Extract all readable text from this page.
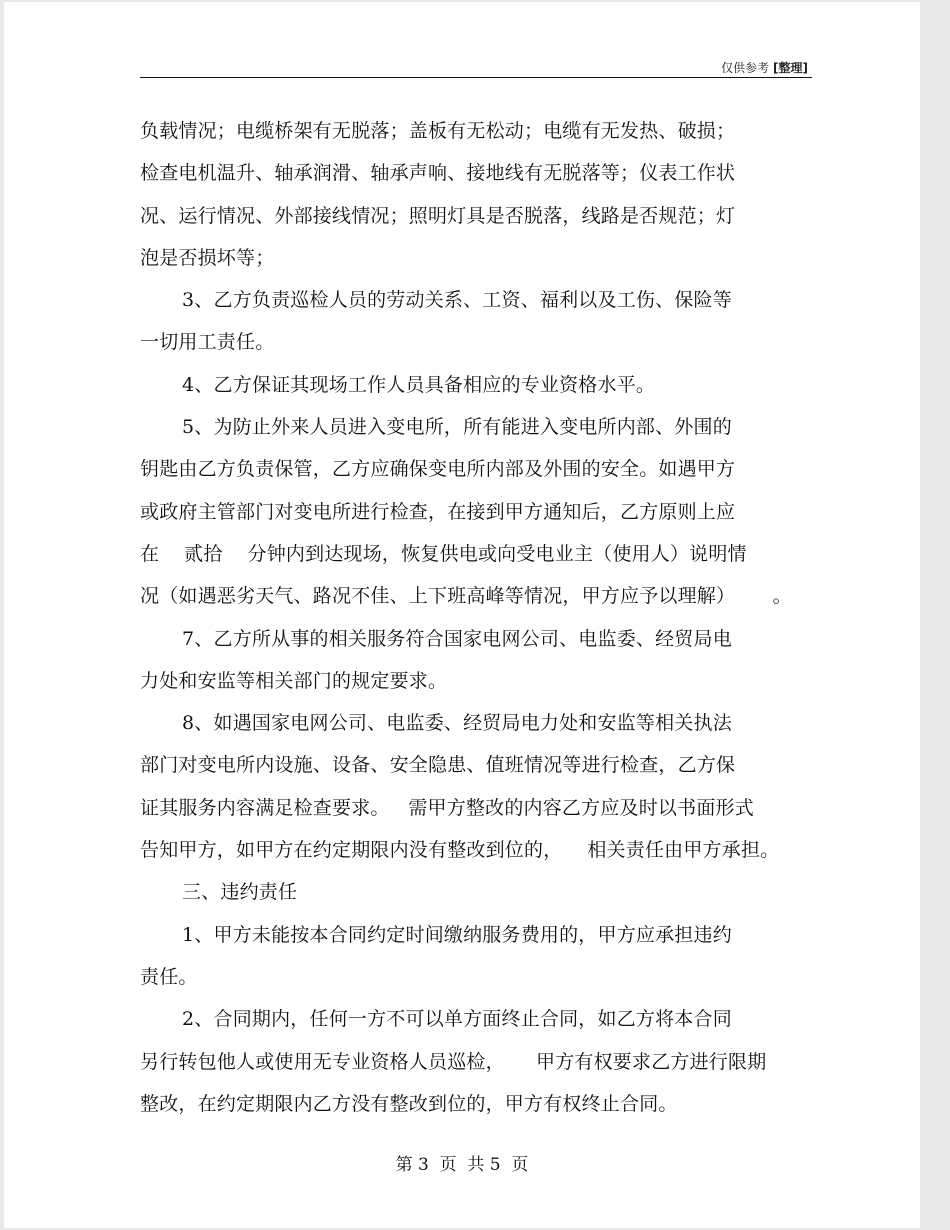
仅供参考 [整理]
负载情况；电缆桥架有无脱落；盖板有无松动；电缆有无发热、破损；
检查电机温升、轴承润滑、轴承声响、接地线有无脱落等；仪表工作状
况、运行情况、外部接线情况；照明灯具是否脱落，线路是否规范；灯
泡是否损坏等；
3、乙方负责巡检人员的劳动关系、工资、福利以及工伤、保险等
一切用工责任。
4、乙方保证其现场工作人员具备相应的专业资格水平。
5、为防止外来人员进入变电所，所有能进入变电所内部、外围的
钥匙由乙方负责保管，乙方应确保变电所内部及外围的安全。如遇甲方
或政府主管部门对变电所进行检查，在接到甲方通知后，乙方原则上应
在    贰拾    分钟内到达现场，恢复供电或向受电业主（使用人）说明情
况（如遇恶劣天气、路况不佳、上下班高峰等情况，甲方应予以理解）      。
7、乙方所从事的相关服务符合国家电网公司、电监委、经贸局电
力处和安监等相关部门的规定要求。
8、如遇国家电网公司、电监委、经贸局电力处和安监等相关执法
部门对变电所内设施、设备、安全隐患、值班情况等进行检查，乙方保
证其服务内容满足检查要求。   需甲方整改的内容乙方应及时以书面形式
告知甲方，如甲方在约定期限内没有整改到位的，    相关责任由甲方承担。
三、违约责任
1、甲方未能按本合同约定时间缴纳服务费用的，甲方应承担违约
责任。
2、合同期内，任何一方不可以单方面终止合同，如乙方将本合同
另行转包他人或使用无专业资格人员巡检，     甲方有权要求乙方进行限期
整改，在约定期限内乙方没有整改到位的，甲方有权终止合同。
第 3  页  共 5  页
